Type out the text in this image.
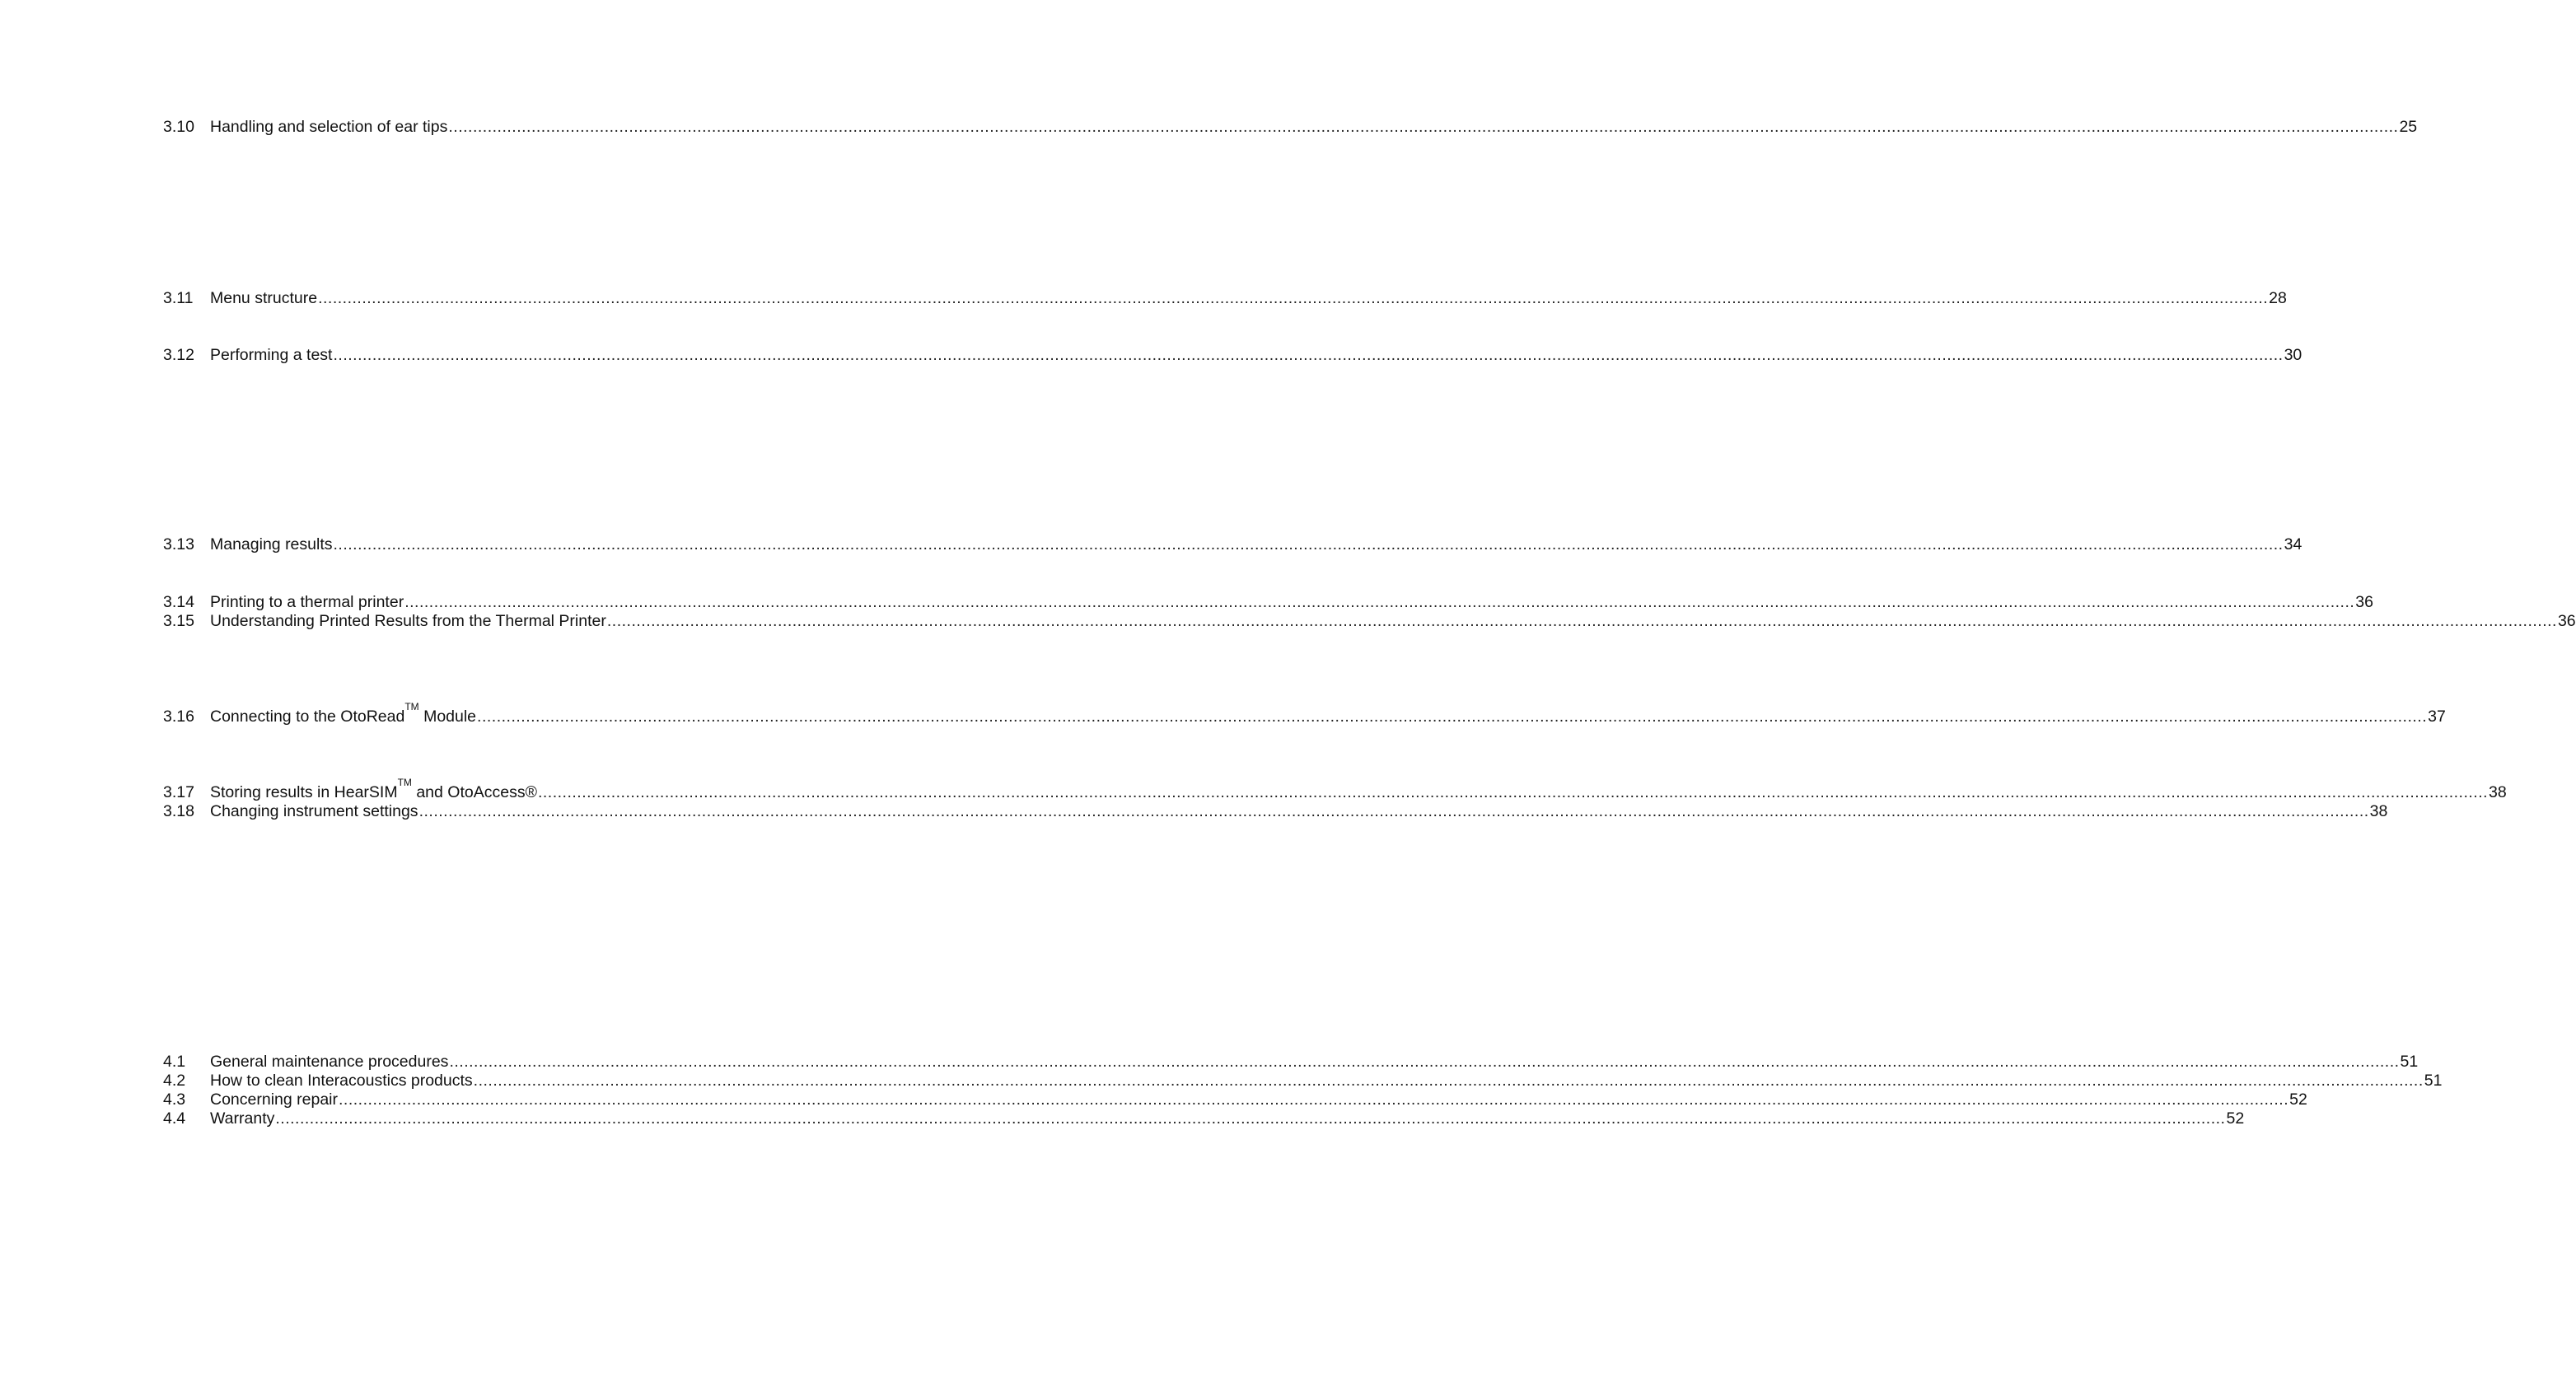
3.10 Handling and selection of ear tips ................................................................................................................................................................................................................................................................................................................................................................................................................ 25
3.11	Menu structure ................................................................................................................................................................................................................................................................................................................................................................................................................ 28
3.12 Performing a test ................................................................................................................................................................................................................................................................................................................................................................................................................ 30
3.13 Managing results ................................................................................................................................................................................................................................................................................................................................................................................................................ 34
3.14 Printing to a thermal printer ................................................................................................................................................................................................................................................................................................................................................................................................................ 36
3.15 Understanding Printed Results from the Thermal Printer ................................................................................................................................................................................................................................................................................................................................................................................................................ 36
3.16 Connecting to the OtoRead™ Module ................................................................................................................................................................................................................................................................................................................................................................................................................ 37
3.17 Storing results in HearSIM™ and OtoAccess® ................................................................................................................................................................................................................................................................................................................................................................................................................ 38
3.18 Changing instrument settings ................................................................................................................................................................................................................................................................................................................................................................................................................ 38
4.1	General maintenance procedures ................................................................................................................................................................................................................................................................................................................................................................................................................ 51
4.2	How to clean Interacoustics products ................................................................................................................................................................................................................................................................................................................................................................................................................ 51
4.3	Concerning repair ................................................................................................................................................................................................................................................................................................................................................................................................................ 52
4.4	Warranty ................................................................................................................................................................................................................................................................................................................................................................................................................ 52
